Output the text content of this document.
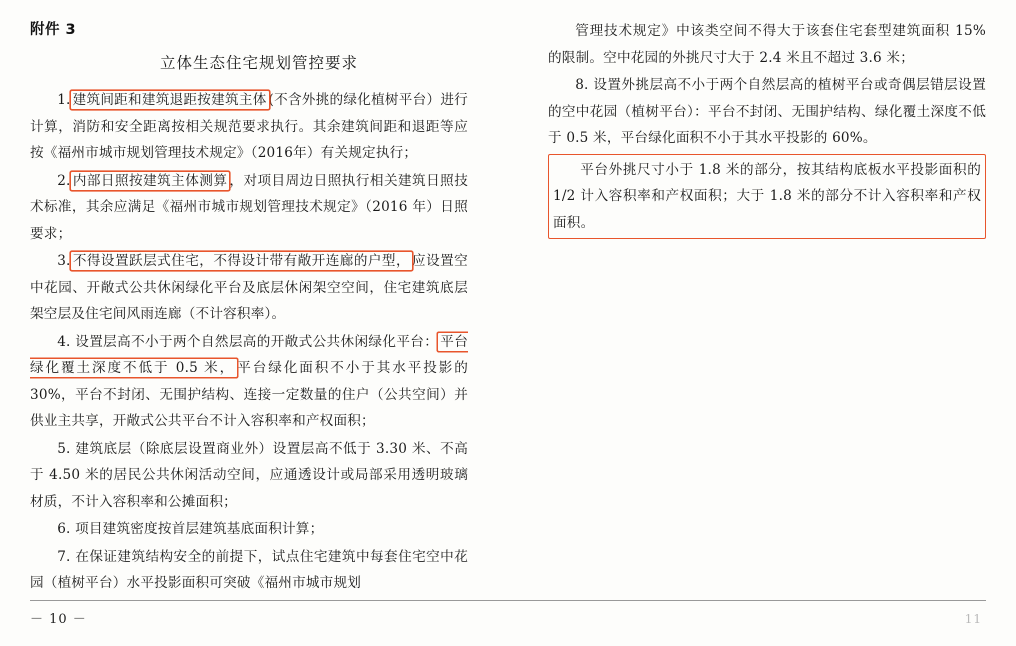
附件 3
立体生态住宅规划管控要求

1. 建筑间距和建筑退距按建筑主体 (不含外挑的绿化植树平台）进行计算，消防和安全距离按相关规范要求执行。其余建筑间距和退距等应按《福州市城市规划管理技术规定》（2016年）有关规定执行；

2. 内部日照按建筑主体测算 ，对项目周边日照执行相关建筑日照技术标准，其余应满足《福州市城市规划管理技术规定》（2016 年）日照要求；

3. 不得设置跃层式住宅，不得设计带有敞开连廊的户型， 应设置空中花园、开敞式公共休闲绿化平台及底层休闲架空空间，住宅建筑底层架空层及住宅间风雨连廊（不计容积率）。

4. 设置层高不小于两个自然层高的开敞式公共休闲绿化平台： 平台绿化覆土深度不低于 0.5 米， 平台绿化面积不小于其水平投影的 30%，平台不封闭、无围护结构、连接一定数量的住户（公共空间）并供业主共享，开敞式公共平台不计入容积率和产权面积；

5. 建筑底层（除底层设置商业外）设置层高不低于 3.30 米、不高于 4.50 米的居民公共休闲活动空间，应通透设计或局部采用透明玻璃材质，不计入容积率和公摊面积；

6. 项目建筑密度按首层建筑基底面积计算；

7. 在保证建筑结构安全的前提下，试点住宅建筑中每套住宅空中花园（植树平台）水平投影面积可突破《福州市城市规划

管理技术规定》中该类空间不得大于该套住宅套型建筑面积 15% 的限制。空中花园的外挑尺寸大于 2.4 米且不超过 3.6 米；

8. 设置外挑层高不小于两个自然层高的植树平台或奇偶层错层设置的空中花园（植树平台）：平台不封闭、无围护结构、绿化覆土深度不低于 0.5 米，平台绿化面积不小于其水平投影的 60%。

平台外挑尺寸小于 1.8 米的部分，按其结构底板水平投影面积的 1/2 计入容积率和产权面积；大于 1.8 米的部分不计入容积率和产权面积。

－ 10 －	11
